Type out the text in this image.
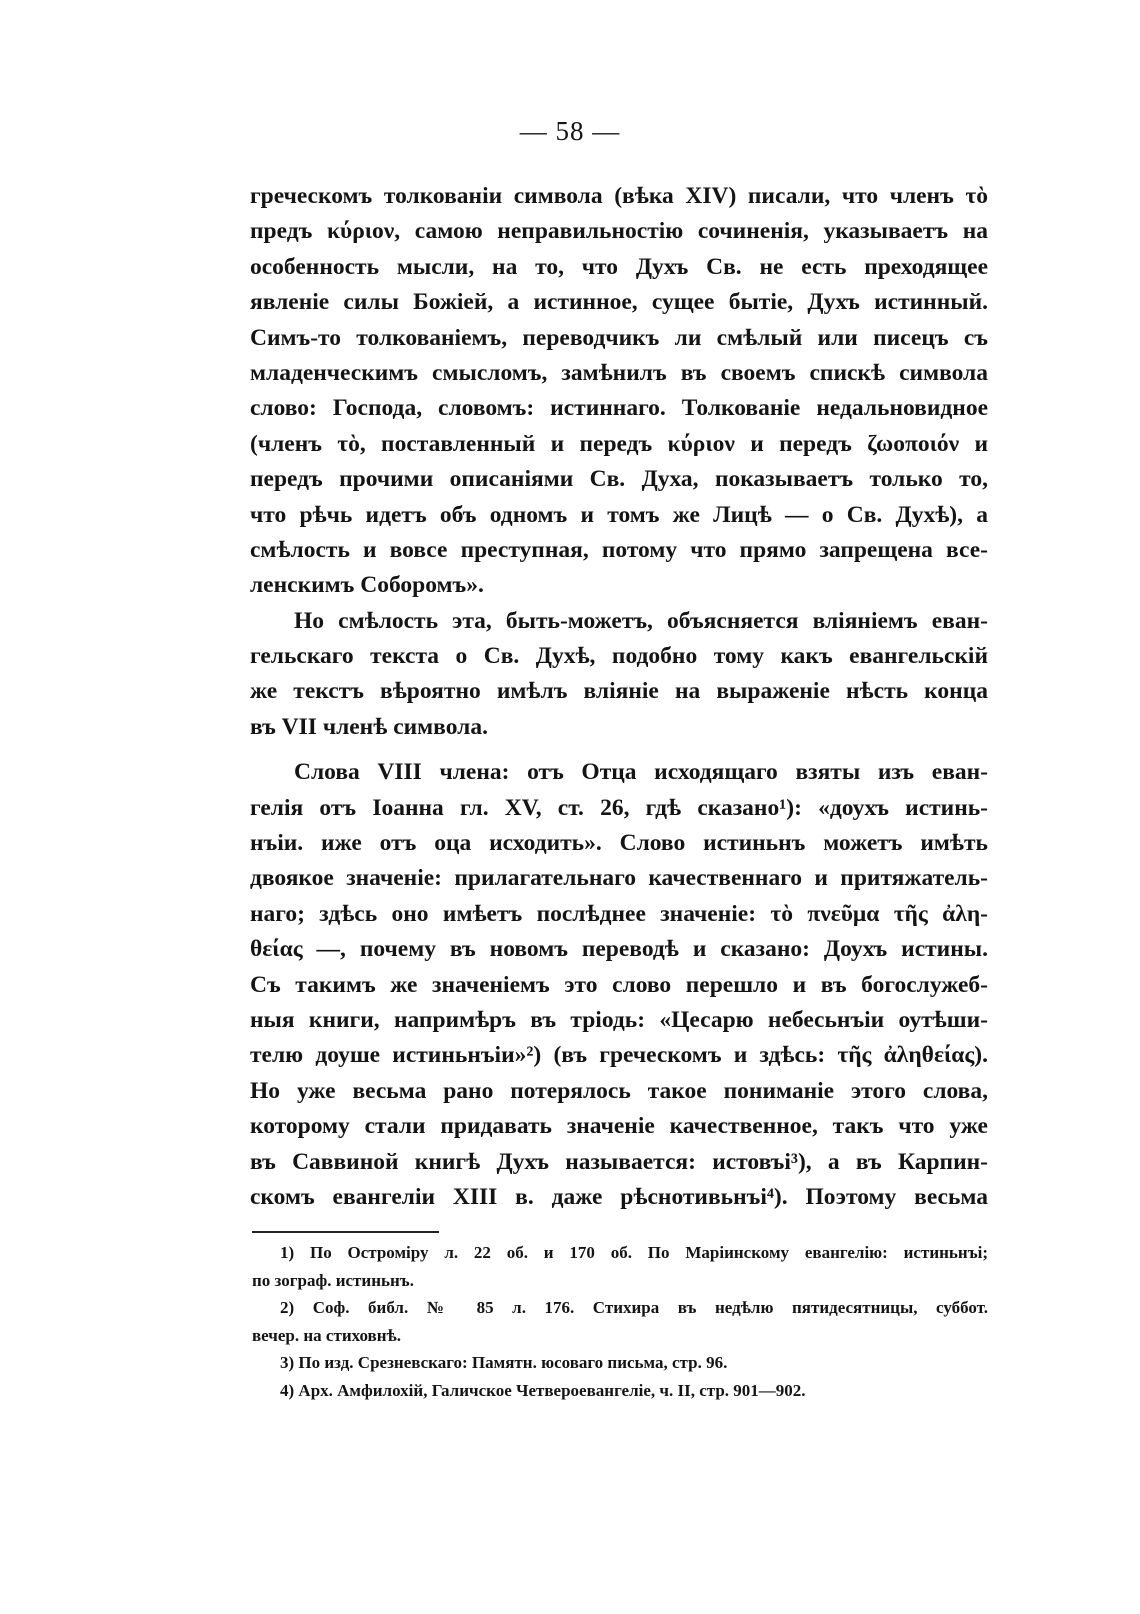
— 58 —
греческомъ толкованіи символа (вѣка XIV) писали, что членъ τὸ
предъ κύριον, самою неправильностію сочиненія, указываетъ на
особенность мысли, на то, что Духъ Св. не есть преходящее
явленіе силы Божіей, а истинное, сущее бытіе, Духъ истинный.
Симъ-то толкованіемъ, переводчикъ ли смѣлый или писецъ съ
младенческимъ смысломъ, замѣнилъ въ своемъ спискѣ символа
слово: Господа, словомъ: истиннаго. Толкованіе недальновидное
(членъ τὸ, поставленный и передъ κύριον и передъ ζωοποιόν и
передъ прочими описаніями Св. Духа, показываетъ только то,
что рѣчь идетъ объ одномъ и томъ же Лицѣ — о Св. Духѣ), а
смѣлость и вовсе преступная, потому что прямо запрещена все-
ленскимъ Соборомъ».
Но смѣлость эта, быть-можетъ, объясняется вліяніемъ еван-
гельскаго текста о Св. Духѣ, подобно тому какъ евангельскій
же текстъ вѣроятно имѣлъ вліяніе на выраженіе нѣсть конца
въ VII членѣ символа.
Слова VIII члена: отъ Отца исходящаго взяты изъ еван-
гелія отъ Іоанна гл. XV, ст. 26, гдѣ сказано¹): «доухъ истинь-
нъіи. иже отъ оца исходить». Слово истиньнъ можетъ имѣть
двоякое значеніе: прилагательнаго качественнаго и притяжатель-
наго; здѣсь оно имѣетъ послѣднее значеніе: τὸ πνεῦμα τῆς ἀλη-
θείας —, почему въ новомъ переводѣ и сказано: Доухъ истины.
Съ такимъ же значеніемъ это слово перешло и въ богослужеб-
ныя книги, напримѣръ въ тріодь: «Цесарю небесьнъіи оутѣши-
телю доуше истиньнъіи»²) (въ греческомъ и здѣсь: τῆς ἀληθείας).
Но уже весьма рано потерялось такое пониманіе этого слова,
которому стали придавать значеніе качественное, такъ что уже
въ Саввиной книгѣ Духъ называется: истовъі³), а въ Карпин-
скомъ евангеліи XIII в. даже рѣснотивьнъі⁴). Поэтому весьма
1) По Остроміру л. 22 об. и 170 об. По Маріинскому евангелію: истиньнъі;
по зограф. истиньнъ.
2) Соф. библ. № 85 л. 176. Стихира въ недѣлю пятидесятницы, суббот.
вечер. на стиховнѣ.
3) По изд. Срезневскаго: Памятн. юсоваго письма, стр. 96.
4) Арх. Амфилохій, Галичское Четвероевангеліе, ч. II, стр. 901—902.
